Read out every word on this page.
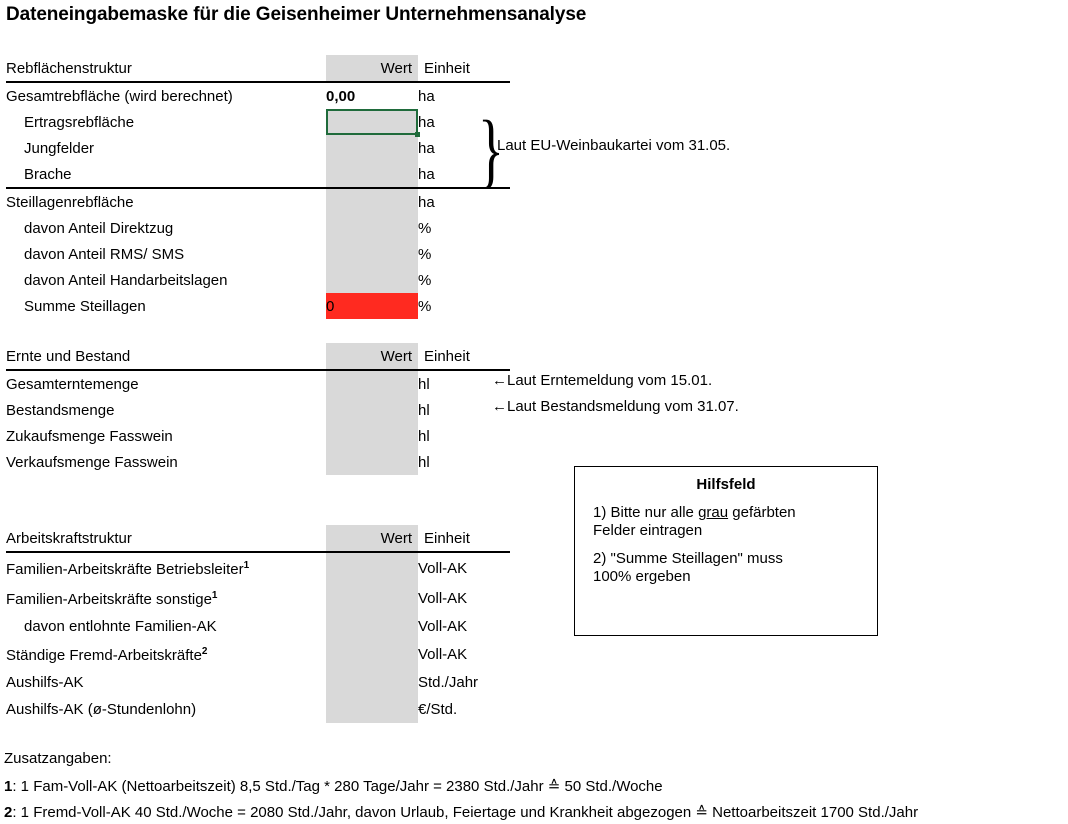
Dateneingabemaske für die Geisenheimer Unternehmensanalyse
Rebflächenstruktur	Wert	Einheit
Gesamtrebfläche (wird berechnet)	0,00	ha
Ertragsrebfläche		ha
Jungfelder		ha
Brache		ha
Steillagenrebfläche		ha
davon Anteil Direktzug		%
davon Anteil RMS/ SMS		%
davon Anteil Handarbeitslagen		%
Summe Steillagen	0	%
}
Laut EU-Weinbaukartei vom 31.05.
Ernte und Bestand	Wert	Einheit
Gesamterntemenge		hl
Bestandsmenge		hl
Zukaufsmenge Fasswein		hl
Verkaufsmenge Fasswein		hl
←Laut Erntemeldung vom 15.01.
←Laut Bestandsmeldung vom 31.07.
Hilfsfeld
1) Bitte nur alle grau gefärbten
Felder eintragen
2) "Summe Steillagen" muss
100% ergeben
Arbeitskraftstruktur	Wert	Einheit
Familien-Arbeitskräfte Betriebsleiter$^1$		Voll-AK
Familien-Arbeitskräfte sonstige$^1$		Voll-AK
davon entlohnte Familien-AK		Voll-AK
Ständige Fremd-Arbeitskräfte$^2$		Voll-AK
Aushilfs-AK		Std./Jahr
Aushilfs-AK (ø-Stundenlohn)		€/Std.
Zusatzangaben:
1: 1 Fam-Voll-AK (Nettoarbeitszeit) 8,5 Std./Tag * 280 Tage/Jahr = 2380 Std./Jahr ≙ 50 Std./Woche
2: 1 Fremd-Voll-AK 40 Std./Woche = 2080 Std./Jahr, davon Urlaub, Feiertage und Krankheit abgezogen ≙ Nettoarbeitszeit 1700 Std./Jahr
